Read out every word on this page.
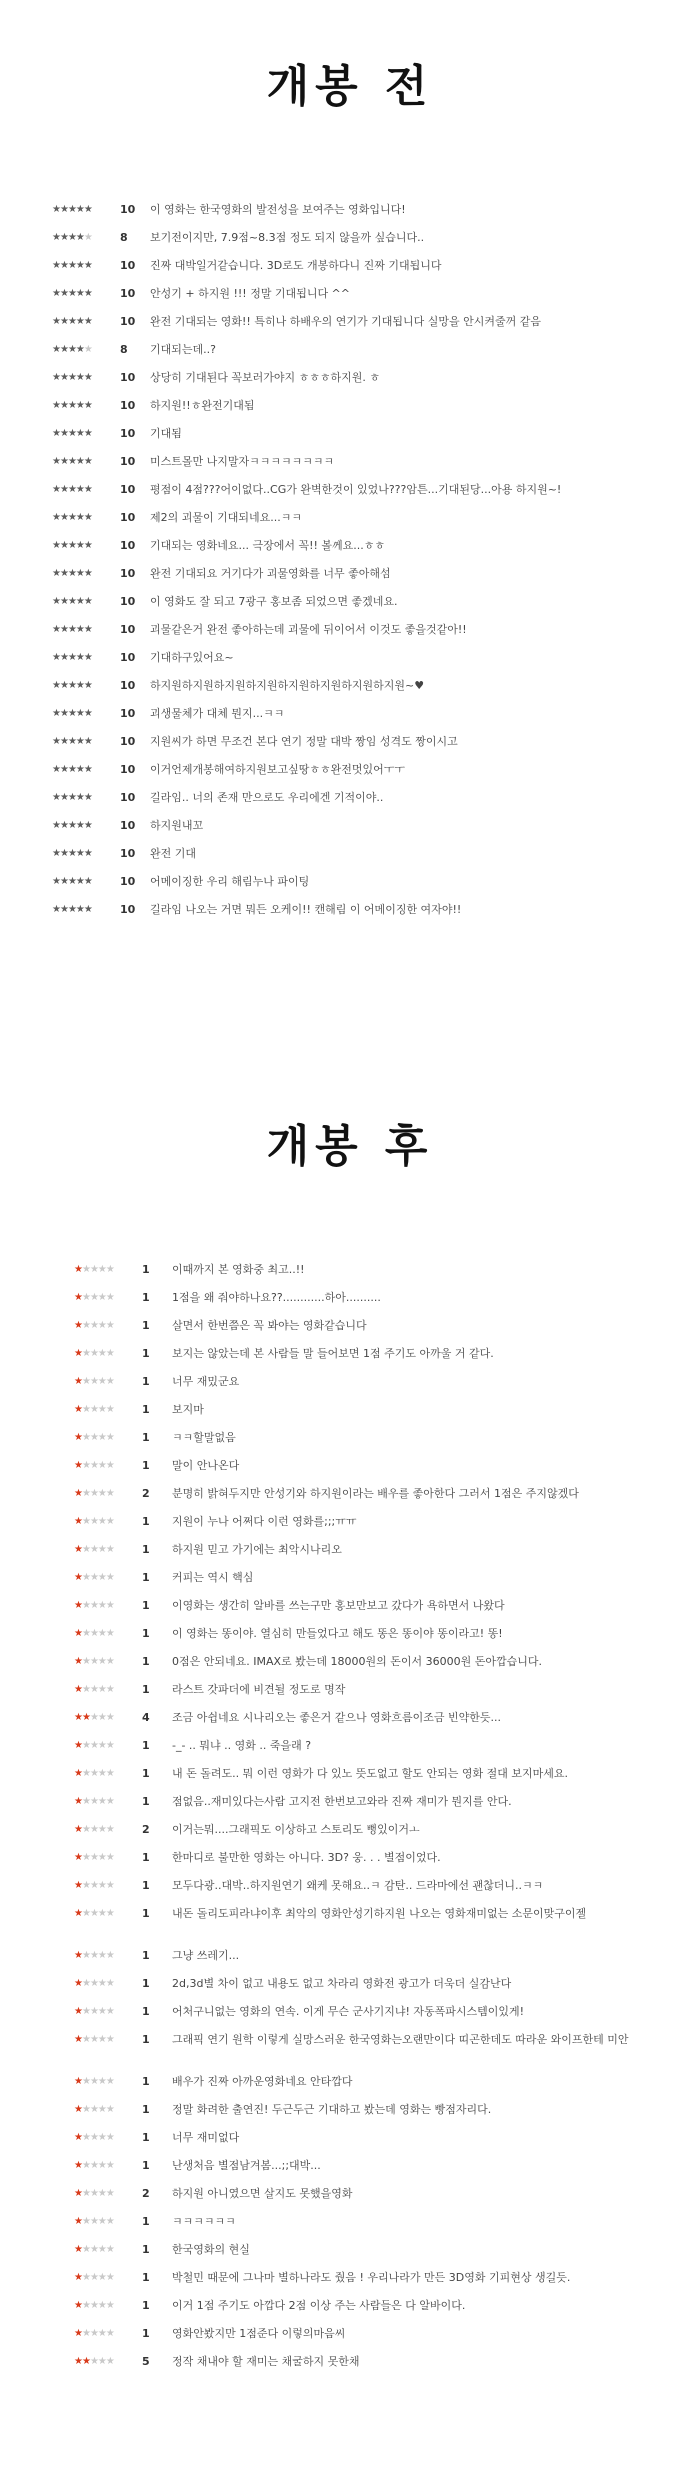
개봉 전
★★★★★	10	이 영화는 한국영화의 발전성을 보여주는 영화입니다!
★★★★★	8	보기전이지만, 7.9점~8.3점 정도 되지 않을까 싶습니다..
★★★★★	10	진짜 대박일거같습니다. 3D로도 개봉하다니 진짜 기대됩니다
★★★★★	10	안성기 + 하지원 !!! 정말 기대됩니다 ^^
★★★★★	10	완전 기대되는 영화!! 특히나 하배우의 연기가 기대됩니다 실망을 안시켜줄꺼 같음
★★★★★	8	기대되는데..?
★★★★★	10	상당히 기대된다 꼭보러가야지 ㅎㅎㅎ하지원. ㅎ
★★★★★	10	하지원!!ㅎ완전기대됨
★★★★★	10	기대됨
★★★★★	10	미스트몰만 나지말자ㅋㅋㅋㅋㅋㅋㅋㅋ
★★★★★	10	평점이 4점???어이없다..CG가 완벽한것이 있었나???암튼...기대된당...아용 하지원~!
★★★★★	10	제2의 괴물이 기대되네요...ㅋㅋ
★★★★★	10	기대되는 영화네요... 극장에서 꼭!! 볼께요...ㅎㅎ
★★★★★	10	완전 기대되요 거기다가 괴물영화를 너무 좋아해섬
★★★★★	10	이 영화도 잘 되고 7광구 홍보좀 되었으면 좋겠네요.
★★★★★	10	괴물같은거 완전 좋아하는데 괴물에 뒤이어서 이것도 좋을것같아!!
★★★★★	10	기대하구있어요~
★★★★★	10	하지원하지원하지원하지원하지원하지원하지원하지원~♥
★★★★★	10	괴생물체가 대체 뭔지...ㅋㅋ
★★★★★	10	지원씨가 하면 무조건 본다 연기 정말 대박 짱임 성격도 짱이시고
★★★★★	10	이거언제개봉해여하지원보고싶땅ㅎㅎ완전멋있어ㅜㅜ
★★★★★	10	길라임.. 너의 존재 만으로도 우리에겐 기적이야..
★★★★★	10	하지원내꼬
★★★★★	10	완전 기대
★★★★★	10	어메이징한 우리 해림누나 파이팅
★★★★★	10	길라임 나오는 거면 뭐든 오케이!! 캔해림 이 어메이징한 여자야!!
개봉 후
★★★★★	1	이때까지 본 영화중 최고..!!
★★★★★	1	1점을 왜 줘야하나요??............하아..........
★★★★★	1	살면서 한번쯤은 꼭 봐야는 영화같습니다
★★★★★	1	보지는 않았는데 본 사람들 말 들어보면 1점 주기도 아까울 거 같다.
★★★★★	1	너무 재밌군요
★★★★★	1	보지마
★★★★★	1	ㅋㅋ할말없음
★★★★★	1	말이 안나온다
★★★★★	2	분명히 밝혀두지만 안성기와 하지원이라는 배우를 좋아한다 그러서 1점은 주지않겠다
★★★★★	1	지원이 누나 어쩌다 이런 영화를;;;ㅠㅠ
★★★★★	1	하지원 믿고 가기에는 최악시나리오
★★★★★	1	커피는 역시 핵심
★★★★★	1	이영화는 생간히 알바를 쓰는구만 홍보만보고 갔다가 욕하면서 나왔다
★★★★★	1	이 영화는 똥이야. 열심히 만들었다고 해도 똥은 똥이야 똥이라고! 똥!
★★★★★	1	0점은 안되네요. IMAX로 봤는데 18000원의 돈이서 36000원 돈아깝습니다.
★★★★★	1	라스트 갓파더에 비견될 정도로 명작
★★★★★	4	조금 아쉽네요 시나리오는 좋은거 같으나 영화흐름이조금 빈약한듯...
★★★★★	1	-_- .. 뭐냐 .. 영화 .. 죽을래 ?
★★★★★	1	내 돈 돌려도.. 뭐 이런 영화가 다 있노 뜻도없고 할도 안되는 영화 절대 보지마세요.
★★★★★	1	점없음..재미있다는사람 고지전 한번보고와라 진짜 재미가 뭔지를 안다.
★★★★★	2	이거는뭐....그래픽도 이상하고 스토리도 뻥있이거ㅗ
★★★★★	1	한마디로 불만한 영화는 아니다. 3D? 웅. . . 별점이었다.
★★★★★	1	모두다광..대박..하지원연기 왜케 못해요..ㅋ 감탄.. 드라마에선 괜찮더니..ㅋㅋ
★★★★★	1	내돈 돌리도피라냐이후 최악의 영화안성기하지원 나오는 영화재미없는 소문이맞구이젤
★★★★★	1	그냥 쓰레기...
★★★★★	1	2d,3d별 차이 없고 내용도 없고 차라리 영화전 광고가 더욱더 실감난다
★★★★★	1	어처구니없는 영화의 연속. 이게 무슨 군사기지냐! 자동폭파시스템이있게!
★★★★★	1	그래픽 연기 원학 이렇게 실망스러운 한국영화는오랜만이다 띠곤한데도 따라운 와이프한테 미안
★★★★★	1	배우가 진짜 아까운영화네요 안타깝다
★★★★★	1	정말 화려한 출연진! 두근두근 기대하고 봤는데 영화는 빵점자리다.
★★★★★	1	너무 재미없다
★★★★★	1	난생처음 별점남겨봄...;;대박...
★★★★★	2	하지원 아니였으면 살지도 못했을영화
★★★★★	1	ㅋㅋㅋㅋㅋㅋ
★★★★★	1	한국영화의 현실
★★★★★	1	박철민 때문에 그나마 별하나라도 줬음 ! 우리나라가 만든 3D영화 기피현상 생길듯.
★★★★★	1	이거 1점 주기도 아깝다 2점 이상 주는 사람들은 다 알바이다.
★★★★★	1	영화안봤지만 1점준다 이렇의마음씨
★★★★★	5	정작 채내야 할 재미는 채굴하지 못한채
